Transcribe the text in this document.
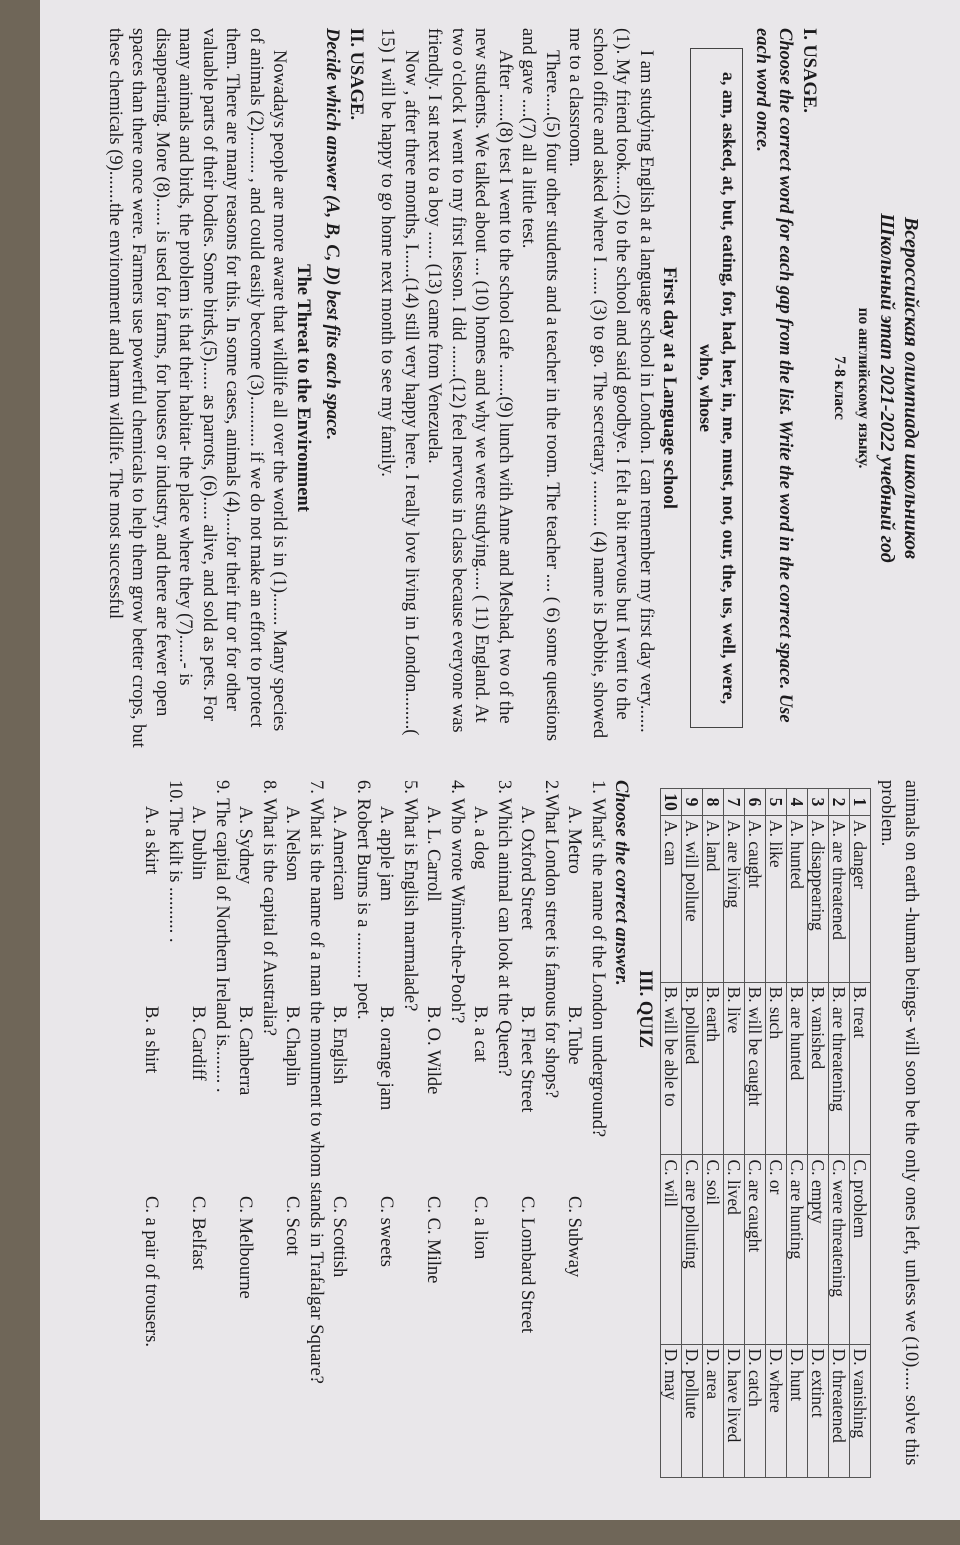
Всероссийская олимпиада школьников
Школьный этап 2021-2022 учебный год
по английскому языку.
7-8 класс
I. USAGE.
Choose the correct word for each gap from the list. Write the word in the correct space. Use each word once.
a, am, asked, at, but, eating, for, had, her, in, me, must, not, our, the, us, well, were, who, whose
First day at a Language school

I am studying English at a language school in London. I can remember my first day very...... (1). My friend took.....(2) to the school and said goodbye. I felt a bit nervous but I went to the school office and asked where I ...... (3) to go. The secretary, .......... (4) name is Debbie, showed me to a classroom.

There.....(5) four other students and a teacher in the room. The teacher .... ( 6) some questions and gave ....(7) all a little test.

After ......(8) test I went to the school cafe .......(9) lunch with Anne and Meshad, two of the new students. We talked about .... (10) homes and why we were studying..... ( 11) England. At two o'clock I went to my first lesson. I did .......(12) feel nervous in class because everyone was friendly. I sat next to a boy ...... (13) came from Venezuela.

Now , after three months, I......(14) still very happy here. I really love living in London........( 15) I will be happy to go home next month to see my family.

II. USAGE.
Decide which answer (A, B, C, D) best fits each space.
The Threat to the Environment

Nowadays people are more aware that wildlife all over the world is in (1)....... Many species of animals (2)......... , and could easily become (3)........... if we do not make an effort to protect them. There are many reasons for this. In some cases, animals (4).....for their fur or for other valuable parts of their bodies. Some birds,(5)...... as parrots, (6)..... alive, and sold as pets. For many animals and birds, the problem is that their habitat- the place where they (7)......- is disappearing. More (8)...... is used for farms, for houses or industry, and there are fewer open spaces than there once were. Farmers use powerful chemicals to help them grow better crops, but these chemicals (9).......the environment and harm wildlife. The most successful

animals on earth -human beings- will soon be the only ones left, unless we (10)..... solve this problem.

1	A. danger	B. treat	C. problem	D. vanishing
2	A. are threatened	B. are threatening	C. were threatening	D. threatened
3	A. disappearing	B. vanished	C. empty	D. extinct
4	A. hunted	B. are hunted	C. are hunting	D. hunt
5	A. like	B. such	C. or	D. where
6	A. caught	B. will be caught	C. are caught	D. catch
7	A. are living	B. live	C. lived	D. have lived
8	A. land	B. earth	C. soil	D. area
9	A. will pollute	B. polluted	C. are polluting	D. pollute
10	A. can	B. will be able to	C. will	D. may
III. QUIZ
Choose the correct answer.
1. What's the name of the London underground?
A. Metro
B. Tube
C. Subway
2.What London street is famous for shops?
A. Oxford Street
B. Fleet Street
C. Lombard Street
3. Which animal can look at the Queen?
A. a dog
B. a cat
C. a lion
4. Who wrote Winnie-the-Pooh'?
A. L. Carroll
B. O. Wilde
C. C. Milne
5. What is English marmalade?
A. apple jam
B. orange jam
C. sweets
6. Robert Burns is a .......... poet.
A. American
B. English
C. Scottish
7. What is the name of a man the monument to whom stands in Trafalgar Square?
A. Nelson
B. Chaplin
C. Scott
8. What is the capital of Australia?
A. Sydney
B. Canberra
C. Melbourne
9. The capital of Northern Ireland is........ .
A. Dublin
B. Cardiff
C. Belfast
10. The kilt is .......... .
A. a skirt
B. a shirt
C. a pair of trousers.
